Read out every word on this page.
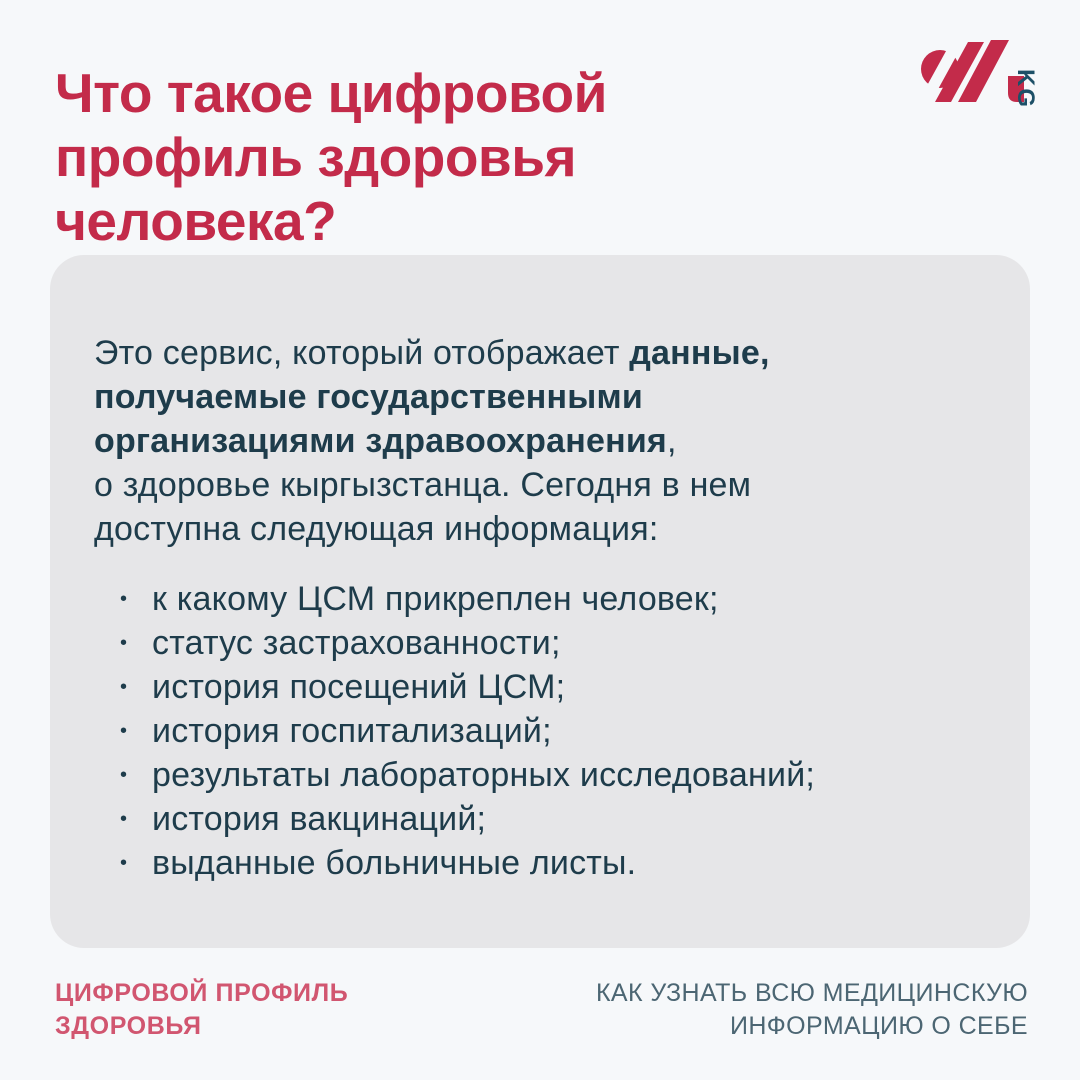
Что такое цифровой
профиль здоровья
человека?
KG
Это сервис, который отображает данные,
получаемые государственными
организациями здравоохранения,
о здоровье кыргызстанца. Сегодня в нем
доступна следующая информация:
• к какому ЦСМ прикреплен человек;
• статус застрахованности;
• история посещений ЦСМ;
• история госпитализаций;
• результаты лабораторных исследований;
• история вакцинаций;
• выданные больничные листы.
ЦИФРОВОЙ ПРОФИЛЬ
ЗДОРОВЬЯ
КАК УЗНАТЬ ВСЮ МЕДИЦИНСКУЮ
ИНФОРМАЦИЮ О СЕБЕ
